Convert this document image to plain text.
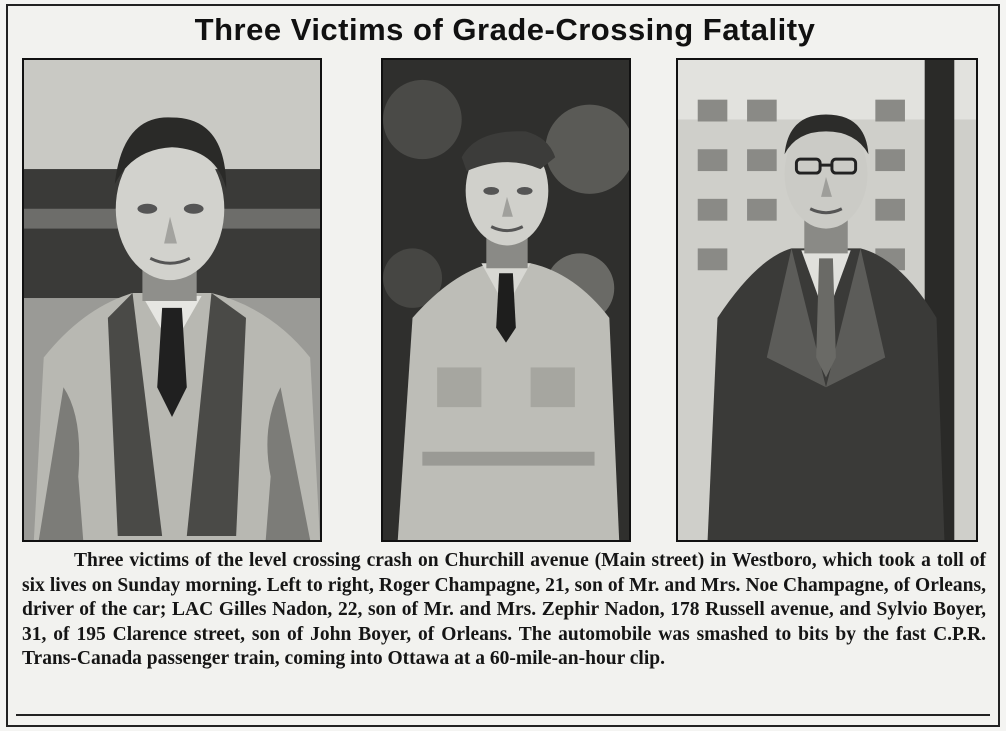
Three Victims of Grade-Crossing Fatality

Three victims of the level crossing crash on Churchill avenue (Main street) in Westboro, which took a toll of six lives on Sunday morning. Left to right, Roger Champagne, 21, son of Mr. and Mrs. Noe Champagne, of Orleans, driver of the car; LAC Gilles Nadon, 22, son of Mr. and Mrs. Zephir Nadon, 178 Russell avenue, and Sylvio Boyer, 31, of 195 Clarence street, son of John Boyer, of Orleans. The automobile was smashed to bits by the fast C.P.R. Trans-Canada passenger train, coming into Ottawa at a 60-mile-an-hour clip.
